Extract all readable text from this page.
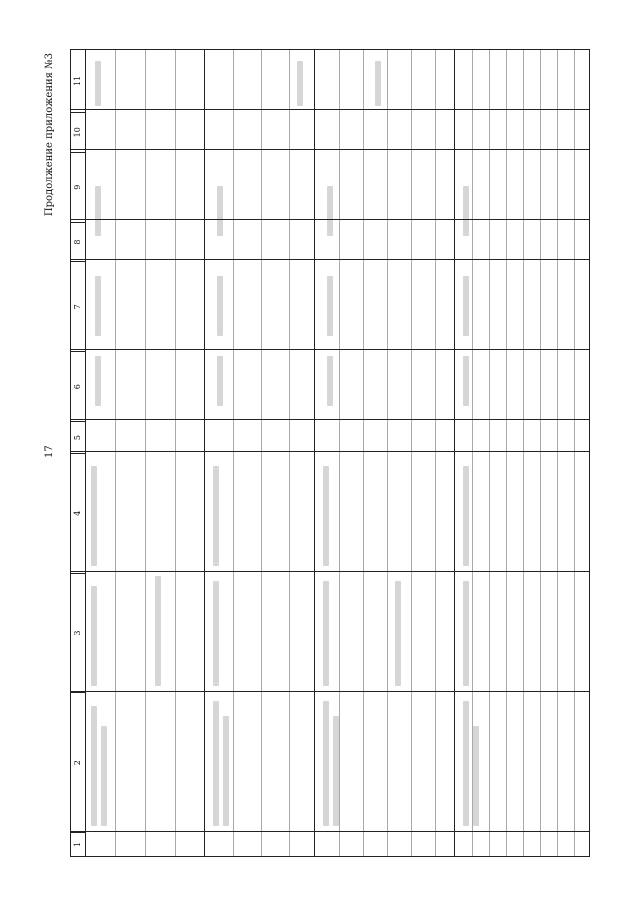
Продолжение приложения №3
17
1
2
3
4
5
6
7
8
9
10
11
